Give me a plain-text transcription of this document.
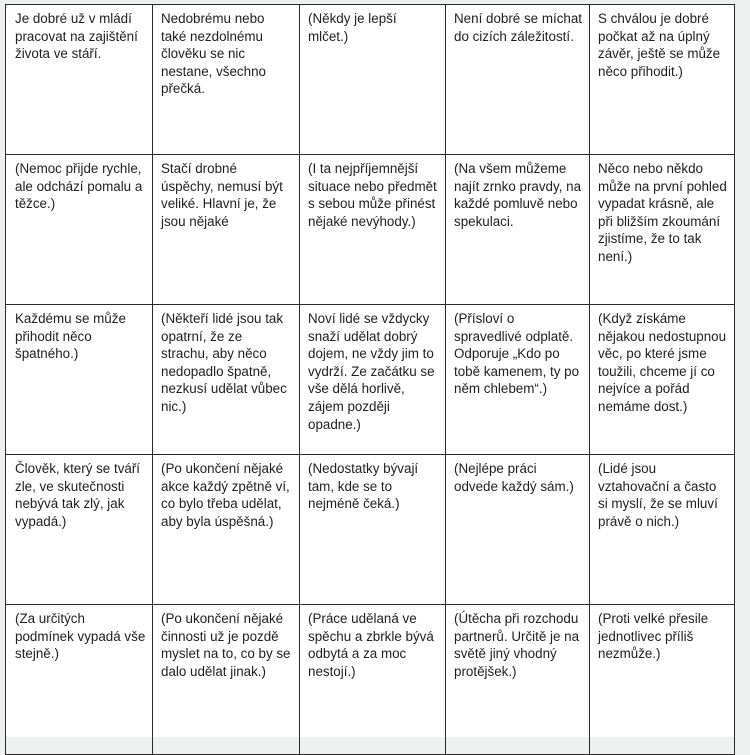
Je dobré už v mládí pracovat na zajištění života ve stáří.	Nedobrému nebo také nezdolnému člověku se nic nestane, všechno přečká.	(Někdy je lepší mlčet.)	Není dobré se míchat do cizích záležitostí.	S chválou je dobré počkat až na úplný závěr, ještě se může něco přihodit.)
(Nemoc přijde rychle, ale odchází pomalu a těžce.)	Stačí drobné úspěchy, nemusí být veliké. Hlavní je, že jsou nějaké	(I ta nejpříjemnější situace nebo předmět s sebou může přinést nějaké nevýhody.)	(Na všem můžeme najít zrnko pravdy, na každé pomluvě nebo spekulaci.	Něco nebo někdo může na první pohled vypadat krásně, ale při bližším zkoumání zjistíme, že to tak není.)
Každému se může přihodit něco špatného.)	(Někteří lidé jsou tak opatrní, že ze strachu, aby něco nedopadlo špatně, nezkusí udělat vůbec nic.)	Noví lidé se vždycky snaží udělat dobrý dojem, ne vždy jim to vydrží. Ze začátku se vše dělá horlivě, zájem později opadne.)	(Přísloví o spravedlivé odplatě. Odporuje „Kdo po tobě kamenem, ty po něm chlebem“.)	(Když získáme nějakou nedostupnou věc, po které jsme toužili, chceme jí co nejvíce a pořád nemáme dost.)
Člověk, který se tváří zle, ve skutečnosti nebývá tak zlý, jak vypadá.)	(Po ukončení nějaké akce každý zpětně ví, co bylo třeba udělat, aby byla úspěšná.)	(Nedostatky bývají tam, kde se to nejméně čeká.)	(Nejlépe práci odvede každý sám.)	(Lidé jsou vztahovační a často si myslí, že se mluví právě o nich.)
(Za určitých podmínek vypadá vše stejně.)	(Po ukončení nějaké činnosti už je pozdě myslet na to, co by se dalo udělat jinak.)	(Práce udělaná ve spěchu a zbrkle bývá odbytá a za moc nestojí.)	(Útěcha při rozchodu partnerů. Určitě je na světě jiný vhodný protějšek.)	(Proti velké přesile jednotlivec příliš nezmůže.)
